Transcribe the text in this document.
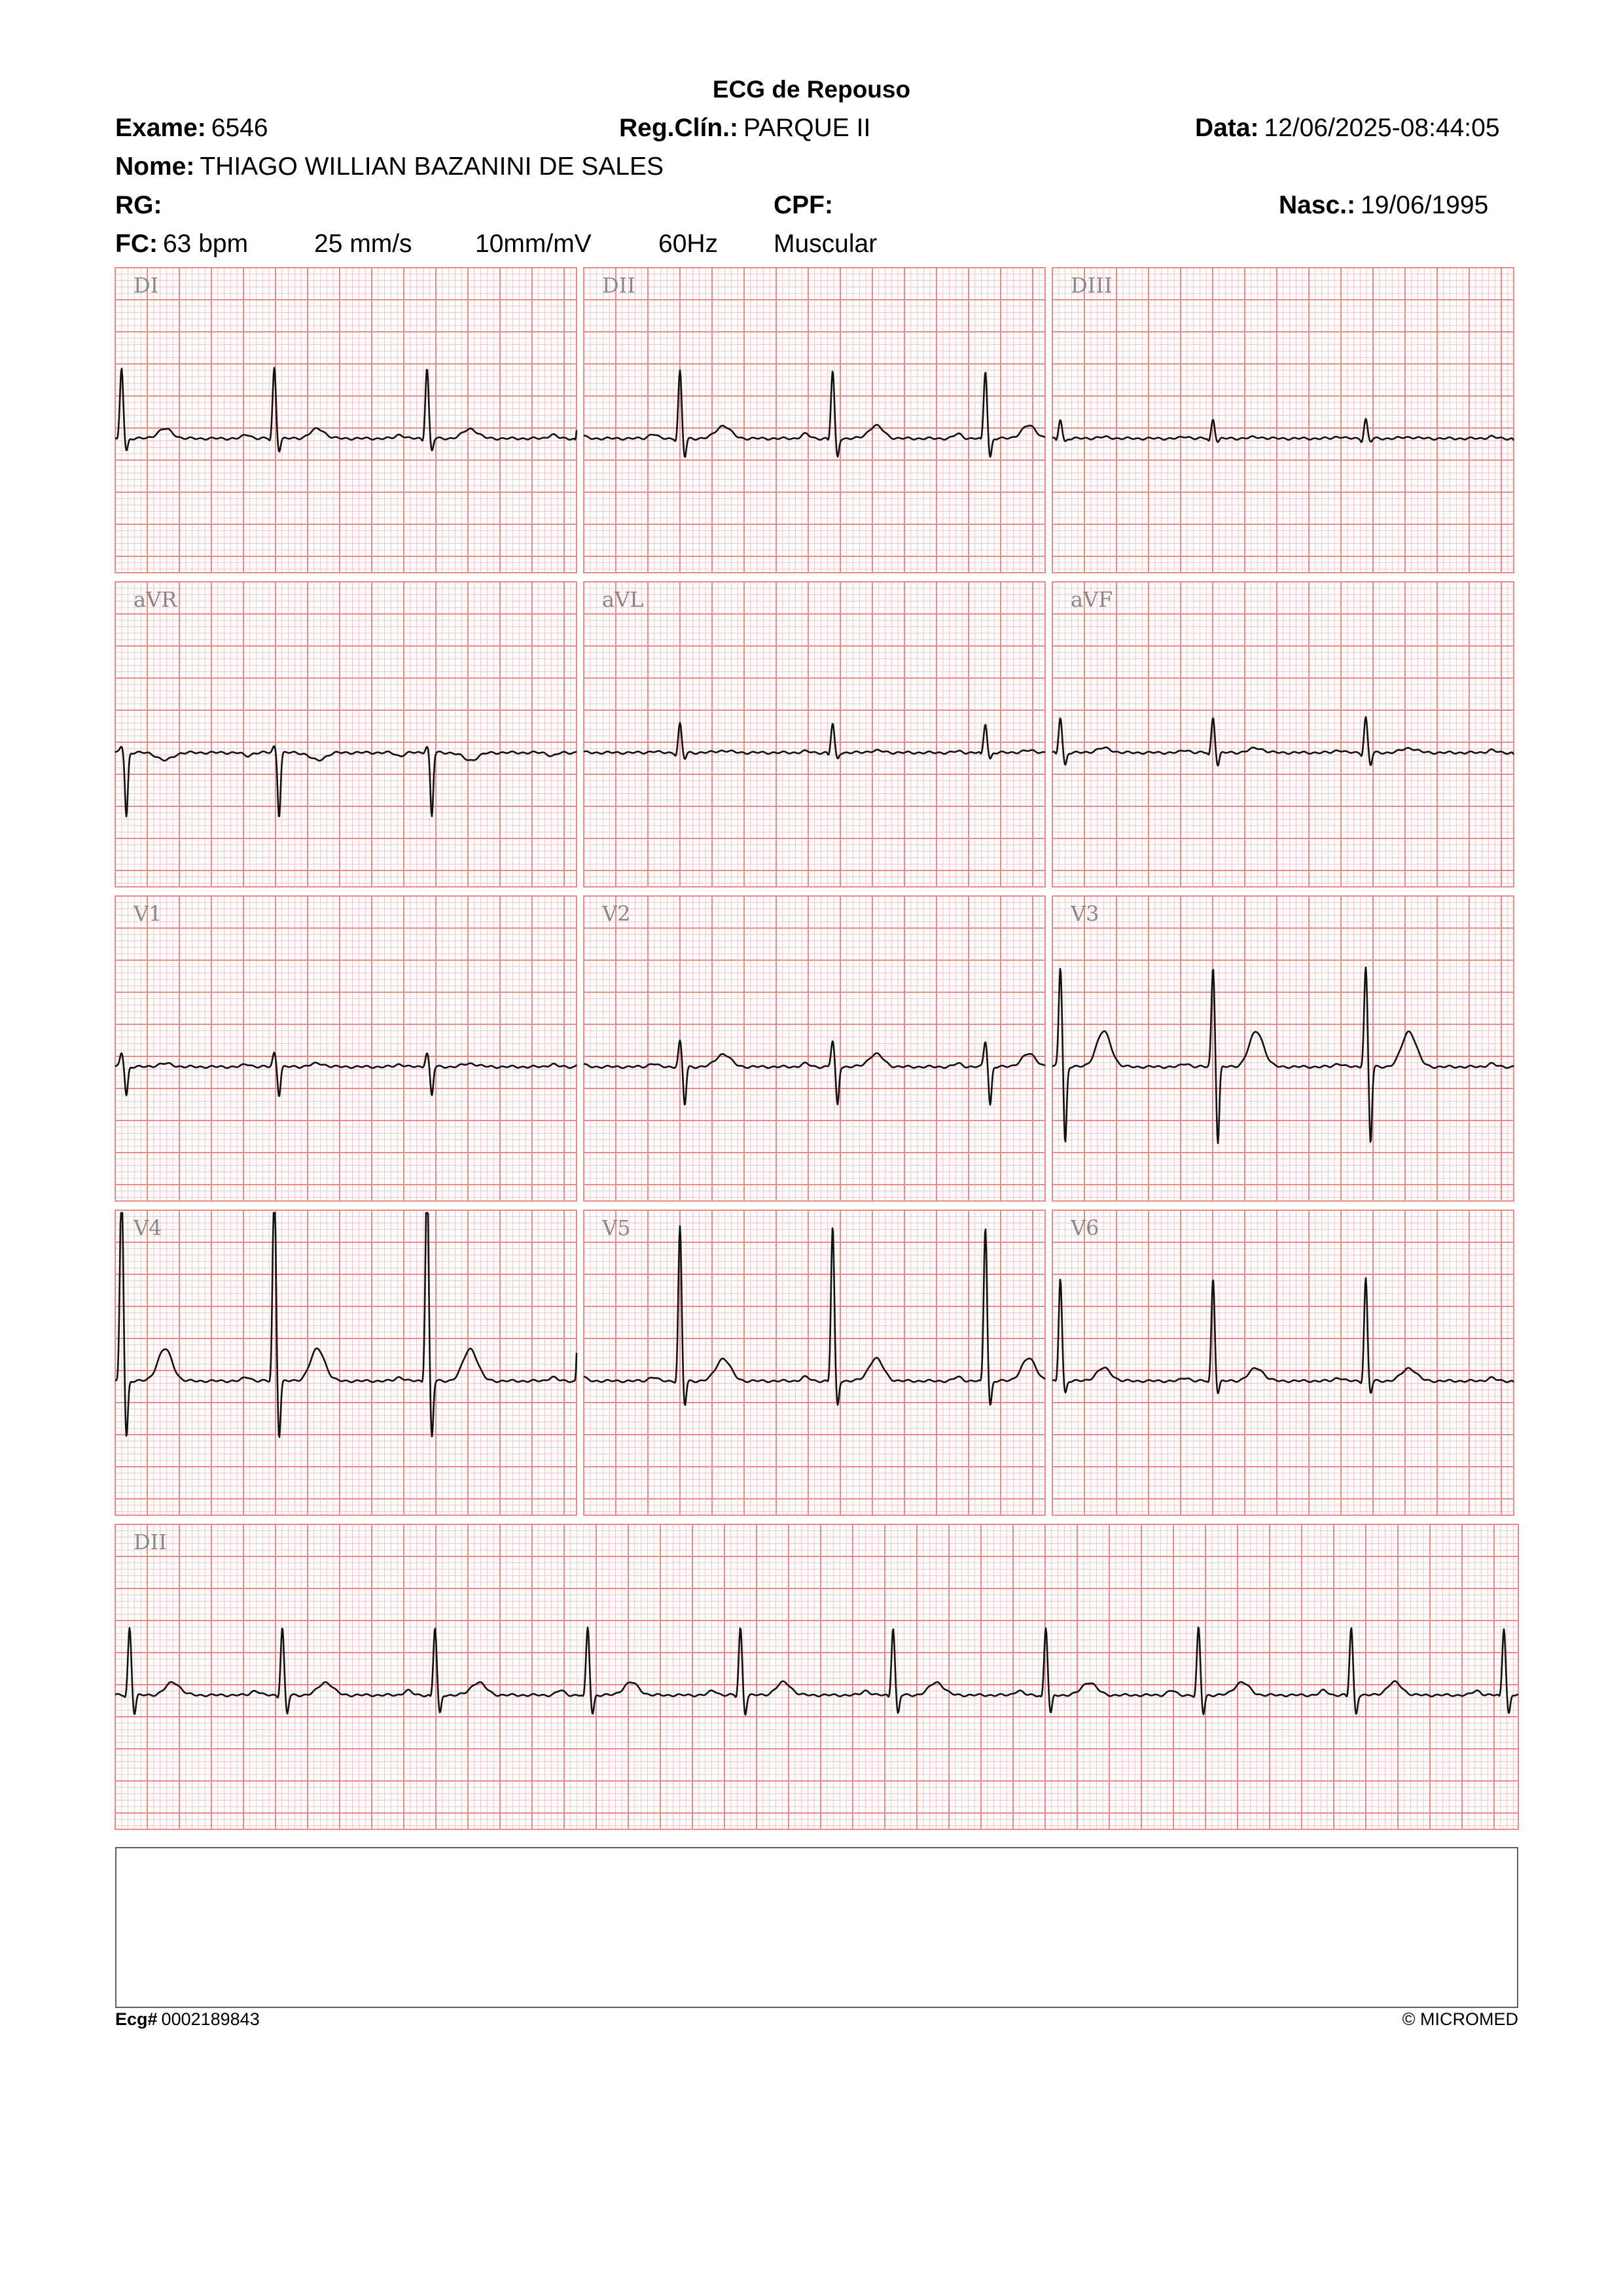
ECG de Repouso
Exame: 6546	Reg.Clín.: PARQUE II	Data: 12/06/2025-08:44:05
Nome: THIAGO WILLIAN BAZANINI DE SALES
RG:	CPF:	Nasc.: 19/06/1995
FC: 63 bpm	25 mm/s 10mm/mV	60Hz Muscular
DI	DII	DIII
aVR	aVL	aVF
V1	V2	V3
V4	V5	V6
DII
Ecg# 0002189843	© MICROMED
